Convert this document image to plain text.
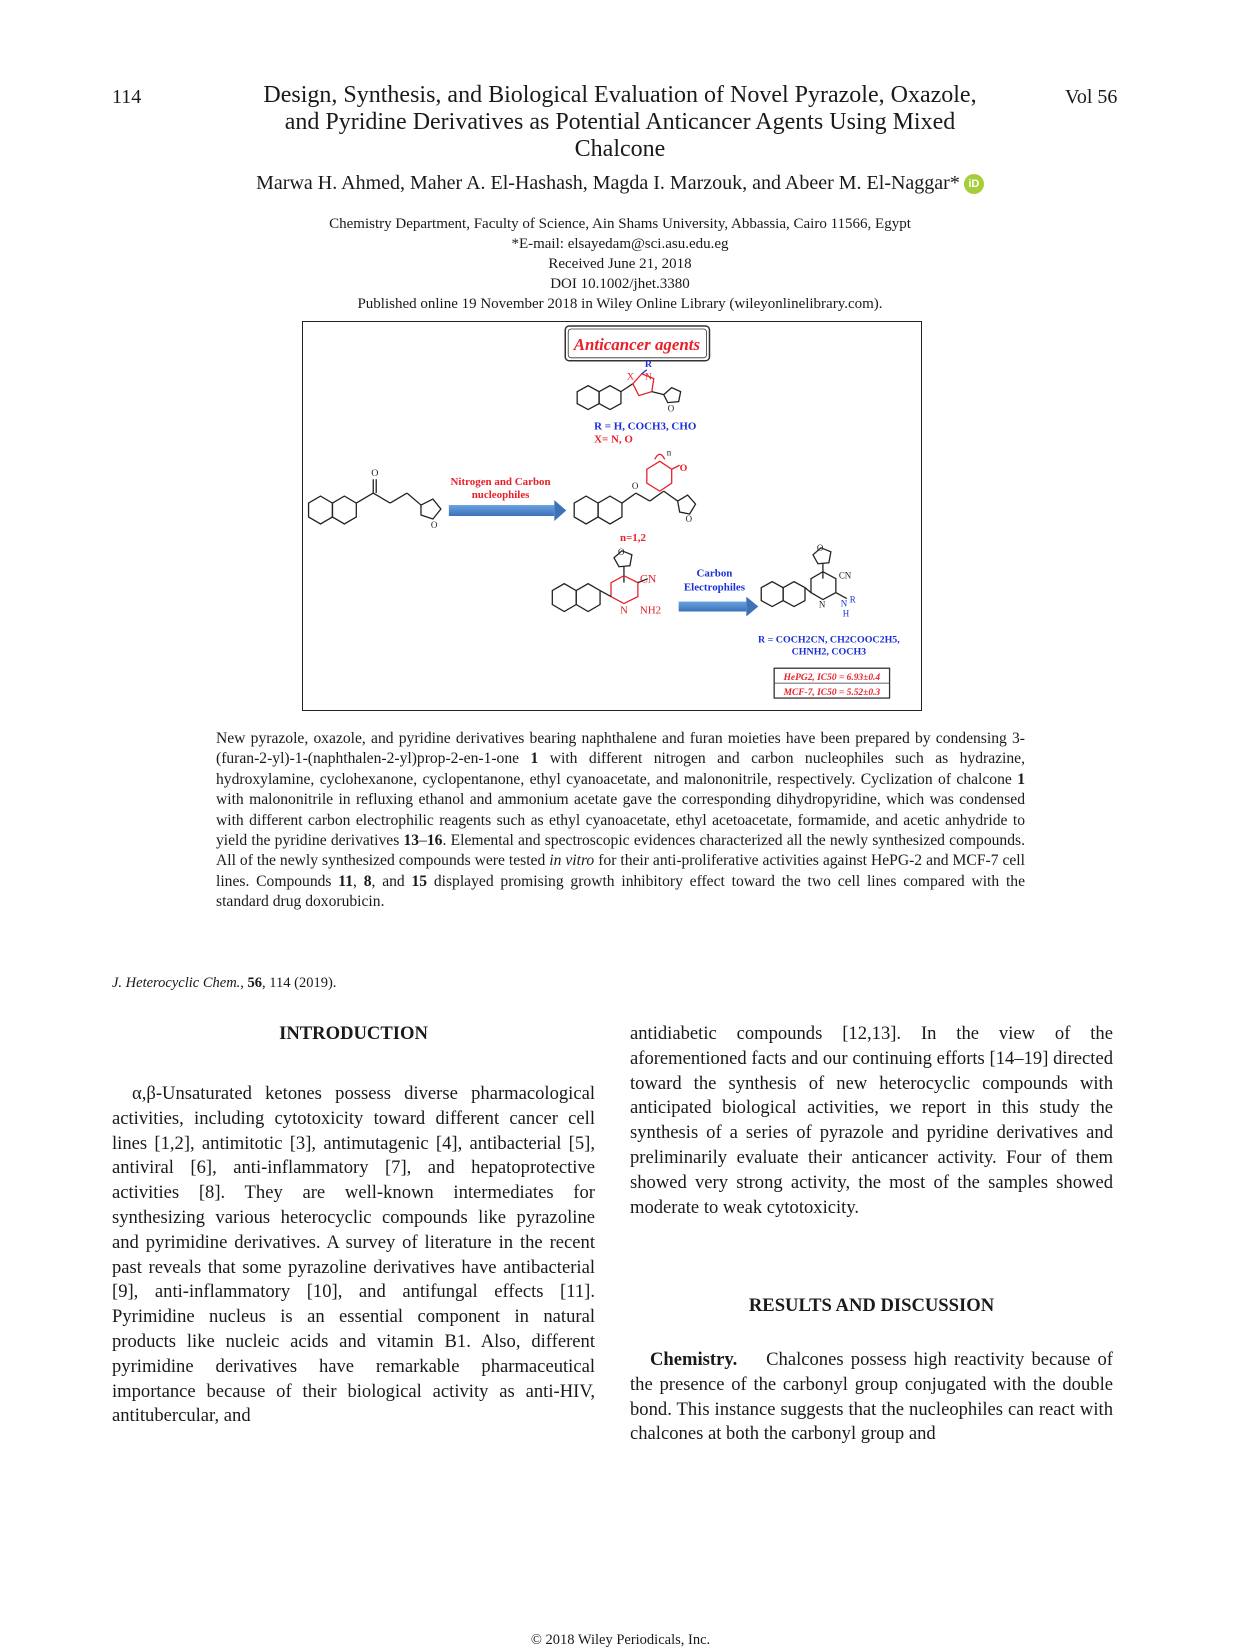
114	Vol 56
Design, Synthesis, and Biological Evaluation of Novel Pyrazole, Oxazole,
and Pyridine Derivatives as Potential Anticancer Agents Using Mixed
Chalcone
Marwa H. Ahmed, Maher A. El-Hashash, Magda I. Marzouk, and Abeer M. El-Naggar* iD
Chemistry Department, Faculty of Science, Ain Shams University, Abbassia, Cairo 11566, Egypt
*E-mail: elsayedam@sci.asu.edu.eg
Received June 21, 2018
DOI 10.1002/jhet.3380
Published online 19 November 2018 in Wiley Online Library (wileyonlinelibrary.com).
Anticancer agents
R
X N
O
R = H, COCH3, CHO
X= N, O
O
O
Nitrogen and Carbon
nucleophiles
O
O
n
O
n=1,2
O
CN
N NH2
Carbon
Electrophiles
O
CN
N N
H
R
R = COCH2CN, CH2COOC2H5,
CHNH2, COCH3
HePG2, IC50 = 6.93±0.4
MCF-7, IC50 = 5.52±0.3
New pyrazole, oxazole, and pyridine derivatives bearing naphthalene and furan moieties have been prepared by condensing 3-(furan-2-yl)-1-(naphthalen-2-yl)prop-2-en-1-one 1 with different nitrogen and carbon nucleophiles such as hydrazine, hydroxylamine, cyclohexanone, cyclopentanone, ethyl cyanoacetate, and malononitrile, respectively. Cyclization of chalcone 1 with malononitrile in refluxing ethanol and ammonium acetate gave the corresponding dihydropyridine, which was condensed with different carbon electrophilic reagents such as ethyl cyanoacetate, ethyl acetoacetate, formamide, and acetic anhydride to yield the pyridine derivatives 13–16. Elemental and spectroscopic evidences characterized all the newly synthesized compounds. All of the newly synthesized compounds were tested in vitro for their anti-proliferative activities against HePG-2 and MCF-7 cell lines. Compounds 11, 8, and 15 displayed promising growth inhibitory effect toward the two cell lines compared with the standard drug doxorubicin.
J. Heterocyclic Chem., 56, 114 (2019).
INTRODUCTION
α,β-Unsaturated ketones possess diverse pharmacological activities, including cytotoxicity toward different cancer cell lines [1,2], antimitotic [3], antimutagenic [4], antibacterial [5], antiviral [6], anti-inflammatory [7], and hepatoprotective activities [8]. They are well-known intermediates for synthesizing various heterocyclic compounds like pyrazoline and pyrimidine derivatives. A survey of literature in the recent past reveals that some pyrazoline derivatives have antibacterial [9], anti-inflammatory [10], and antifungal effects [11]. Pyrimidine nucleus is an essential component in natural products like nucleic acids and vitamin B1. Also, different pyrimidine derivatives have remarkable pharmaceutical importance because of their biological activity as anti-HIV, antitubercular, and
antidiabetic compounds [12,13]. In the view of the aforementioned facts and our continuing efforts [14–19] directed toward the synthesis of new heterocyclic compounds with anticipated biological activities, we report in this study the synthesis of a series of pyrazole and pyridine derivatives and preliminarily evaluate their anticancer activity. Four of them showed very strong activity, the most of the samples showed moderate to weak cytotoxicity.
RESULTS AND DISCUSSION
Chemistry. Chalcones possess high reactivity because of the presence of the carbonyl group conjugated with the double bond. This instance suggests that the nucleophiles can react with chalcones at both the carbonyl group and
© 2018 Wiley Periodicals, Inc.
